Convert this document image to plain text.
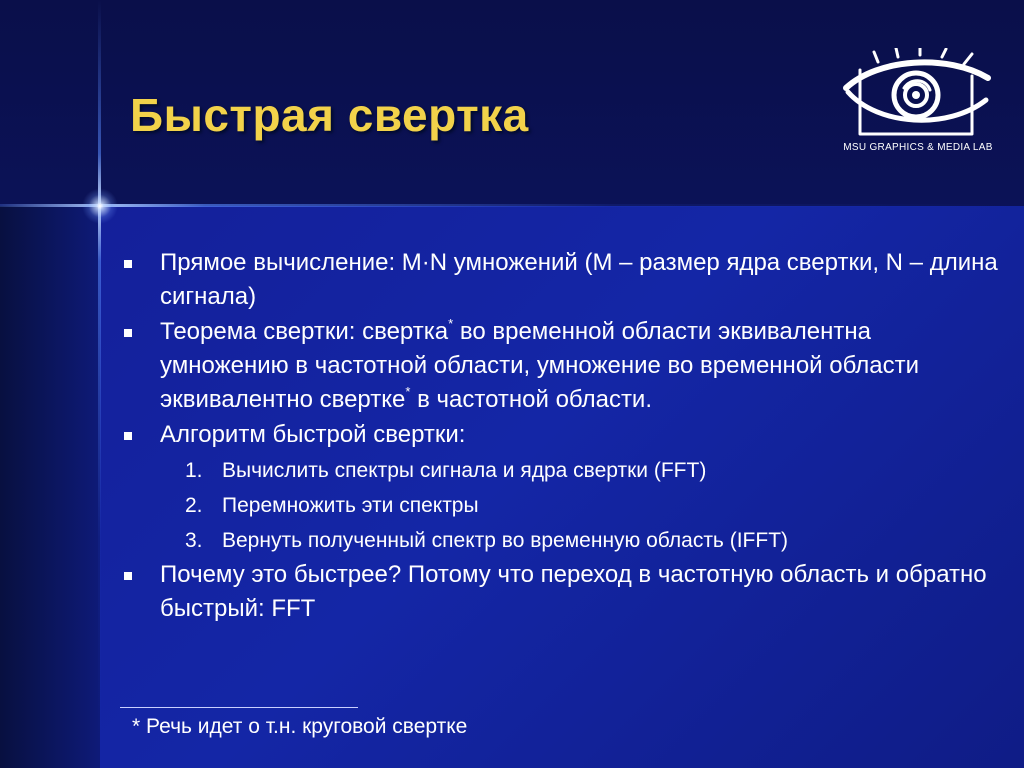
Быстрая свертка
MSU GRAPHICS & MEDIA LAB
Прямое вычисление: M·N умножений (M – размер ядра свертки, N – длина сигнала)
Теорема свертки: свертка* во временной области эквивалентна умножению в частотной области, умножение во временной области эквивалентно свертке* в частотной области.
Алгоритм быстрой свертки:
1. Вычислить спектры сигнала и ядра свертки (FFT)
2. Перемножить эти спектры
3. Вернуть полученный спектр во временную область (IFFT)
Почему это быстрее? Потому что переход в частотную область и обратно быстрый: FFT
* Речь идет о т.н. круговой свертке
